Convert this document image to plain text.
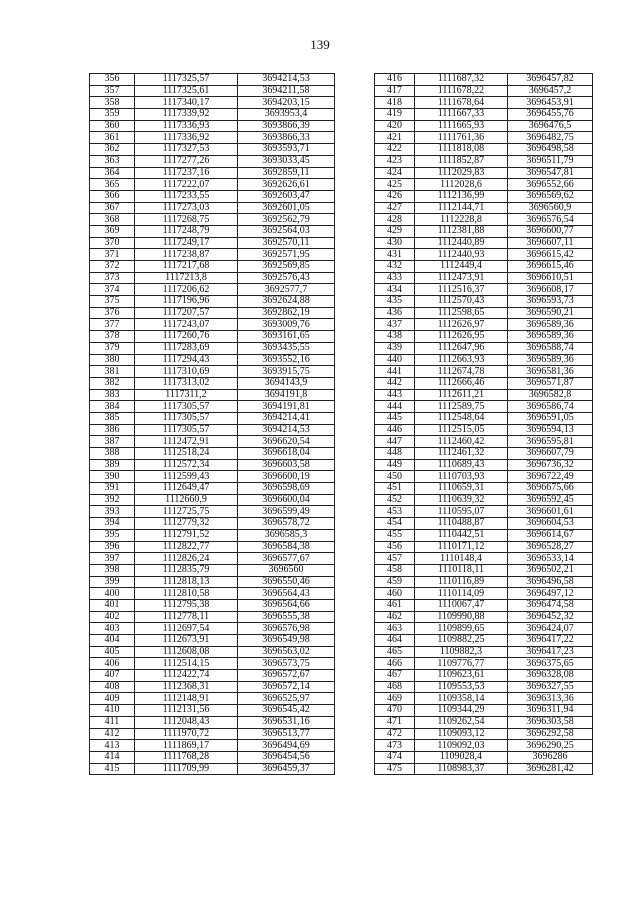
139
356	1117325,57	3694214,53
357	1117325,61	3694211,58
358	1117340,17	3694203,15
359	1117339,92	3693953,4
360	1117336,93	3693866,39
361	1117336,92	3693866,33
362	1117327,53	3693593,71
363	1117277,26	3693033,45
364	1117237,16	3692859,11
365	1117222,07	3692626,61
366	1117233,55	3692603,47
367	1117273,03	3692601,05
368	1117268,75	3692562,79
369	1117248,79	3692564,03
370	1117249,17	3692570,11
371	1117238,87	3692571,95
372	1117217,68	3692569,85
373	1117213,8	3692576,43
374	1117206,62	3692577,7
375	1117196,96	3692624,88
376	1117207,57	3692862,19
377	1117243,07	3693009,76
378	1117260,76	3693161,65
379	1117283,69	3693435,55
380	1117294,43	3693552,16
381	1117310,69	3693915,75
382	1117313,02	3694143,9
383	1117311,2	3694191,8
384	1117305,57	3694191,81
385	1117305,57	3694214,41
386	1117305,57	3694214,53
387	1112472,91	3696620,54
388	1112518,24	3696618,04
389	1112572,34	3696603,58
390	1112599,43	3696600,19
391	1112649,47	3696598,69
392	1112660,9	3696600,04
393	1112725,75	3696599,49
394	1112779,32	3696578,72
395	1112791,52	3696585,3
396	1112822,77	3696584,38
397	1112826,24	3696577,67
398	1112835,79	3696560
399	1112818,13	3696550,46
400	1112810,58	3696564,43
401	1112795,38	3696564,66
402	1112778,11	3696555,38
403	1112697,54	3696576,98
404	1112673,91	3696549,98
405	1112608,08	3696563,02
406	1112514,15	3696573,75
407	1112422,74	3696572,67
408	1112368,31	3696572,14
409	1112148,91	3696525,97
410	1112131,56	3696545,42
411	1112048,43	3696531,16
412	1111970,72	3696513,77
413	1111869,17	3696494,69
414	1111768,28	3696454,56
415	1111709,99	3696459,37
416	1111687,32	3696457,82
417	1111678,22	3696457,2
418	1111678,64	3696453,91
419	1111667,33	3696455,76
420	1111665,93	3696476,5
421	1111761,36	3696482,75
422	1111818,08	3696498,58
423	1111852,87	3696511,79
424	1112029,83	3696547,81
425	1112028,6	3696552,66
426	1112136,99	3696569,62
427	1112144,71	3696560,9
428	1112228,8	3696576,54
429	1112381,88	3696600,77
430	1112440,89	3696607,11
431	1112440,93	3696615,42
432	1112449,4	3696615,46
433	1112473,91	3696610,51
434	1112516,37	3696608,17
435	1112570,43	3696593,73
436	1112598,65	3696590,21
437	1112626,97	3696589,36
438	1112626,95	3696589,36
439	1112647,96	3696588,74
440	1112663,93	3696589,36
441	1112674,78	3696581,36
442	1112666,46	3696571,87
443	1112611,21	3696582,8
444	1112589,75	3696586,74
445	1112548,64	3696591,05
446	1112515,05	3696594,13
447	1112460,42	3696595,81
448	1112461,32	3696607,79
449	1110689,43	3696736,32
450	1110703,93	3696722,49
451	1110659,31	3696675,66
452	1110639,32	3696592,45
453	1110595,07	3696601,61
454	1110488,87	3696604,53
455	1110442,51	3696614,67
456	1110171,12	3696528,27
457	1110148,4	3696533,14
458	1110118,11	3696502,21
459	1110116,89	3696496,58
460	1110114,09	3696497,12
461	1110067,47	3696474,58
462	1109990,88	3696452,32
463	1109899,65	3696424,07
464	1109882,25	3696417,22
465	1109882,3	3696417,23
466	1109776,77	3696375,65
467	1109623,61	3696328,08
468	1109553,53	3696327,55
469	1109358,14	3696313,36
470	1109344,29	3696311,94
471	1109262,54	3696303,58
472	1109093,12	3696292,58
473	1109092,03	3696290,25
474	1109028,4	3696286
475	1108983,37	3696281,42
